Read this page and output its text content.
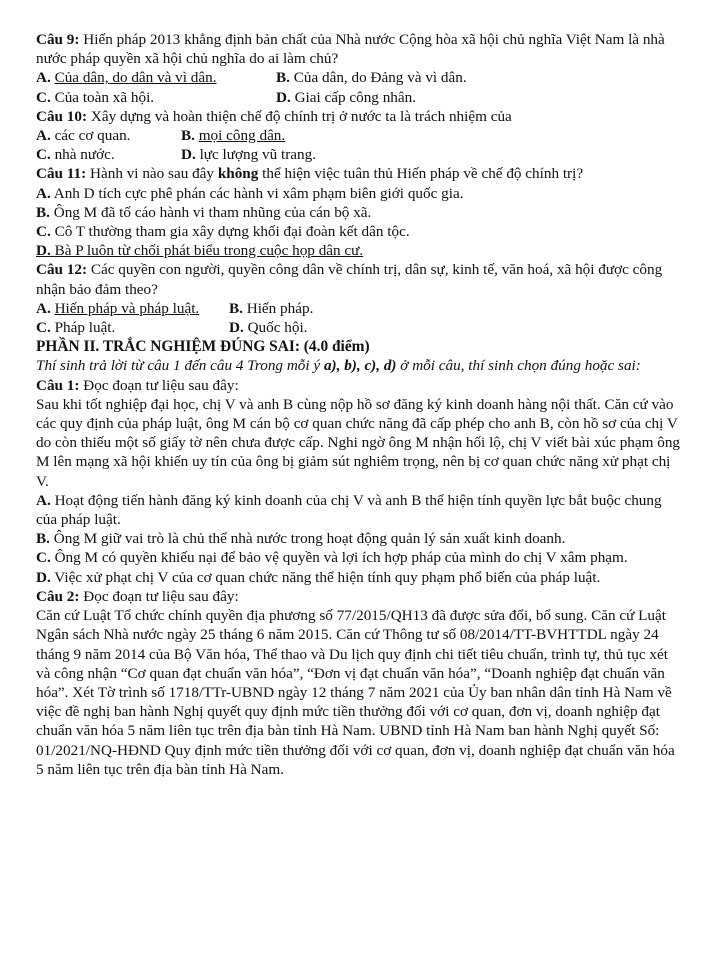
Câu 9: Hiến pháp 2013 khẳng định bản chất của Nhà nước Cộng hòa xã hội chủ nghĩa Việt Nam là nhà nước pháp quyền xã hội chủ nghĩa do ai làm chủ?
A. Của dân, do dân và vì dân.	B. Của dân, do Đảng và vì dân.
C. Của toàn xã hội.	D. Giai cấp công nhân.
Câu 10: Xây dựng và hoàn thiện chế độ chính trị ở nước ta là trách nhiệm của
A. các cơ quan.	B. mọi công dân.
C. nhà nước.	D. lực lượng vũ trang.
Câu 11: Hành vi nào sau đây không thể hiện việc tuân thủ Hiến pháp về chế độ chính trị?
A. Anh D tích cực phê phán các hành vi xâm phạm biên giới quốc gia.
B. Ông M đã tố cáo hành vi tham nhũng của cán bộ xã.
C. Cô T thường tham gia xây dựng khối đại đoàn kết dân tộc.
D. Bà P luôn từ chối phát biểu trong cuộc họp dân cư.
Câu 12: Các quyền con người, quyền công dân về chính trị, dân sự, kinh tế, văn hoá, xã hội được công nhận bảo đảm theo?
A. Hiến pháp và pháp luật.	B. Hiến pháp.
C. Pháp luật.	D. Quốc hội.
PHẦN II. TRẮC NGHIỆM ĐÚNG SAI: (4.0 điểm)
Thí sinh trả lời từ câu 1 đến câu 4 Trong mỗi ý a), b), c), d) ở mỗi câu, thí sinh chọn đúng hoặc sai:
Câu 1: Đọc đoạn tư liệu sau đây:
Sau khi tốt nghiệp đại học, chị V và anh B cùng nộp hồ sơ đăng ký kinh doanh hàng nội thất. Căn cứ vào các quy định của pháp luật, ông M cán bộ cơ quan chức năng đã cấp phép cho anh B, còn hồ sơ của chị V do còn thiếu một số giấy tờ nên chưa được cấp. Nghi ngờ ông M nhận hối lộ, chị V viết bài xúc phạm ông M lên mạng xã hội khiến uy tín của ông bị giảm sút nghiêm trọng, nên bị cơ quan chức năng xử phạt chị V.
A. Hoạt động tiến hành đăng ký kinh doanh của chị V và anh B thể hiện tính quyền lực bắt buộc chung của pháp luật.
B. Ông M giữ vai trò là chủ thể nhà nước trong hoạt động quản lý sản xuất kinh doanh.
C. Ông M có quyền khiếu nại để bảo vệ quyền và lợi ích hợp pháp của mình do chị V xâm phạm.
D. Việc xử phạt chị V của cơ quan chức năng thể hiện tính quy phạm phổ biến của pháp luật.
Câu 2: Đọc đoạn tư liệu sau đây:
Căn cứ Luật Tổ chức chính quyền địa phương số 77/2015/QH13 đã được sửa đổi, bổ sung. Căn cứ Luật Ngân sách Nhà nước ngày 25 tháng 6 năm 2015. Căn cứ Thông tư số 08/2014/TT-BVHTTDL ngày 24 tháng 9 năm 2014 của Bộ Văn hóa, Thể thao và Du lịch quy định chi tiết tiêu chuẩn, trình tự, thủ tục xét và công nhận “Cơ quan đạt chuẩn văn hóa”, “Đơn vị đạt chuẩn văn hóa”, “Doanh nghiệp đạt chuẩn văn hóa”. Xét Tờ trình số 1718/TTr-UBND ngày 12 tháng 7 năm 2021 của Ủy ban nhân dân tỉnh Hà Nam về việc đề nghị ban hành Nghị quyết quy định mức tiền thưởng đối với cơ quan, đơn vị, doanh nghiệp đạt chuẩn văn hóa 5 năm liên tục trên địa bàn tỉnh Hà Nam. UBND tỉnh Hà Nam ban hành Nghị quyết Số: 01/2021/NQ-HĐND Quy định mức tiền thưởng đối với cơ quan, đơn vị, doanh nghiệp đạt chuẩn văn hóa 5 năm liên tục trên địa bàn tỉnh Hà Nam.
